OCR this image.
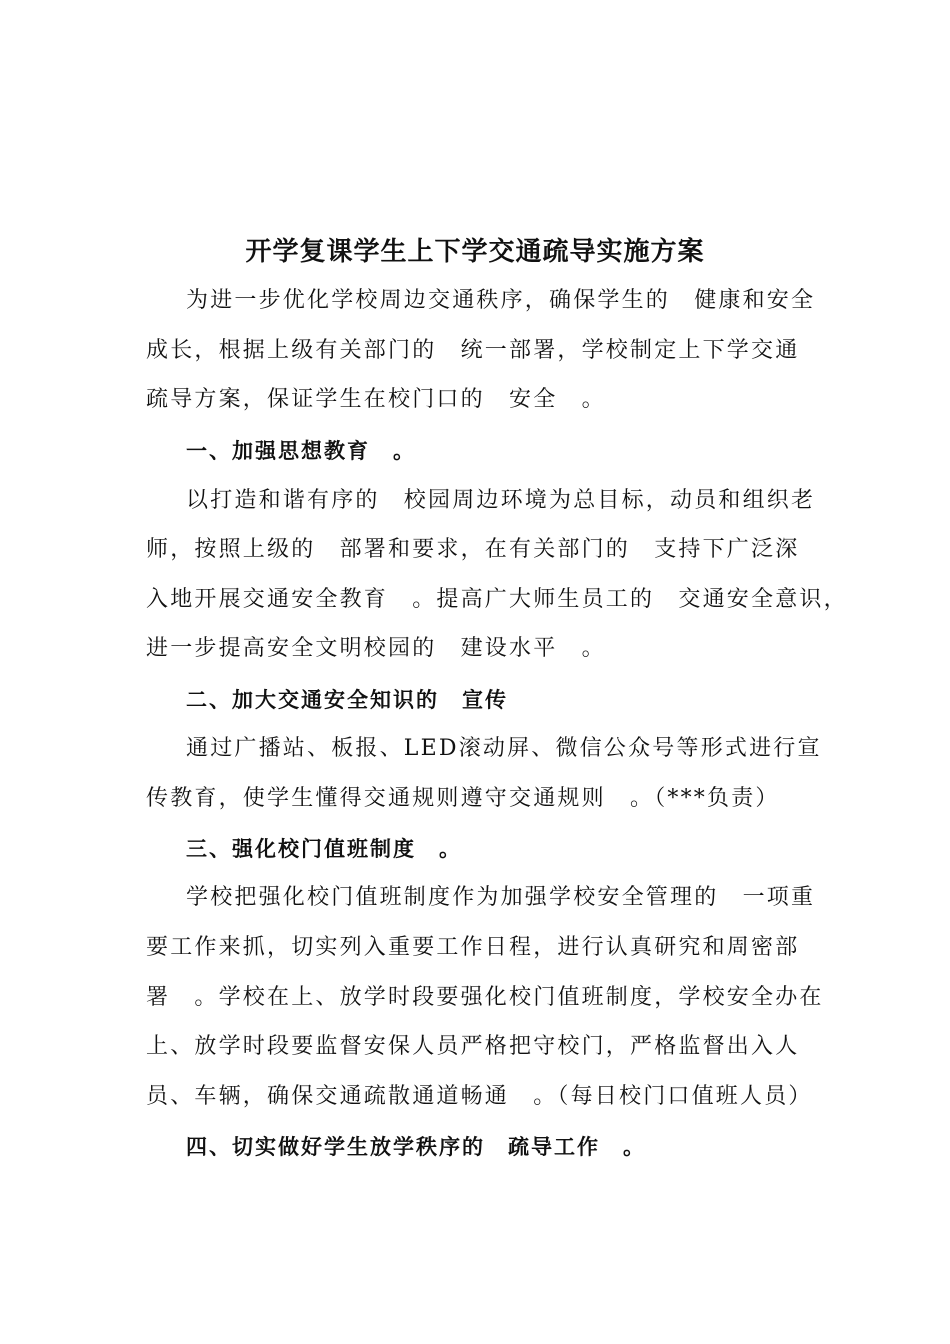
开学复课学生上下学交通疏导实施方案
为进一步优化学校周边交通秩序，确保学生的　健康和安全
成长，根据上级有关部门的　统一部署，学校制定上下学交通
疏导方案，保证学生在校门口的　安全　。
一、加强思想教育　。
以打造和谐有序的　校园周边环境为总目标，动员和组织老
师，按照上级的　部署和要求，在有关部门的　支持下广泛深
入地开展交通安全教育　。提高广大师生员工的　交通安全意识，
进一步提高安全文明校园的　建设水平　。
二、加大交通安全知识的　宣传
通过广播站、板报、LED滚动屏、微信公众号等形式进行宣
传教育，使学生懂得交通规则遵守交通规则　。（***负责）
三、强化校门值班制度　。
学校把强化校门值班制度作为加强学校安全管理的　一项重
要工作来抓，切实列入重要工作日程，进行认真研究和周密部
署　。学校在上、放学时段要强化校门值班制度，学校安全办在
上、放学时段要监督安保人员严格把守校门，严格监督出入人
员、车辆，确保交通疏散通道畅通　。（每日校门口值班人员）
四、切实做好学生放学秩序的　疏导工作　。
